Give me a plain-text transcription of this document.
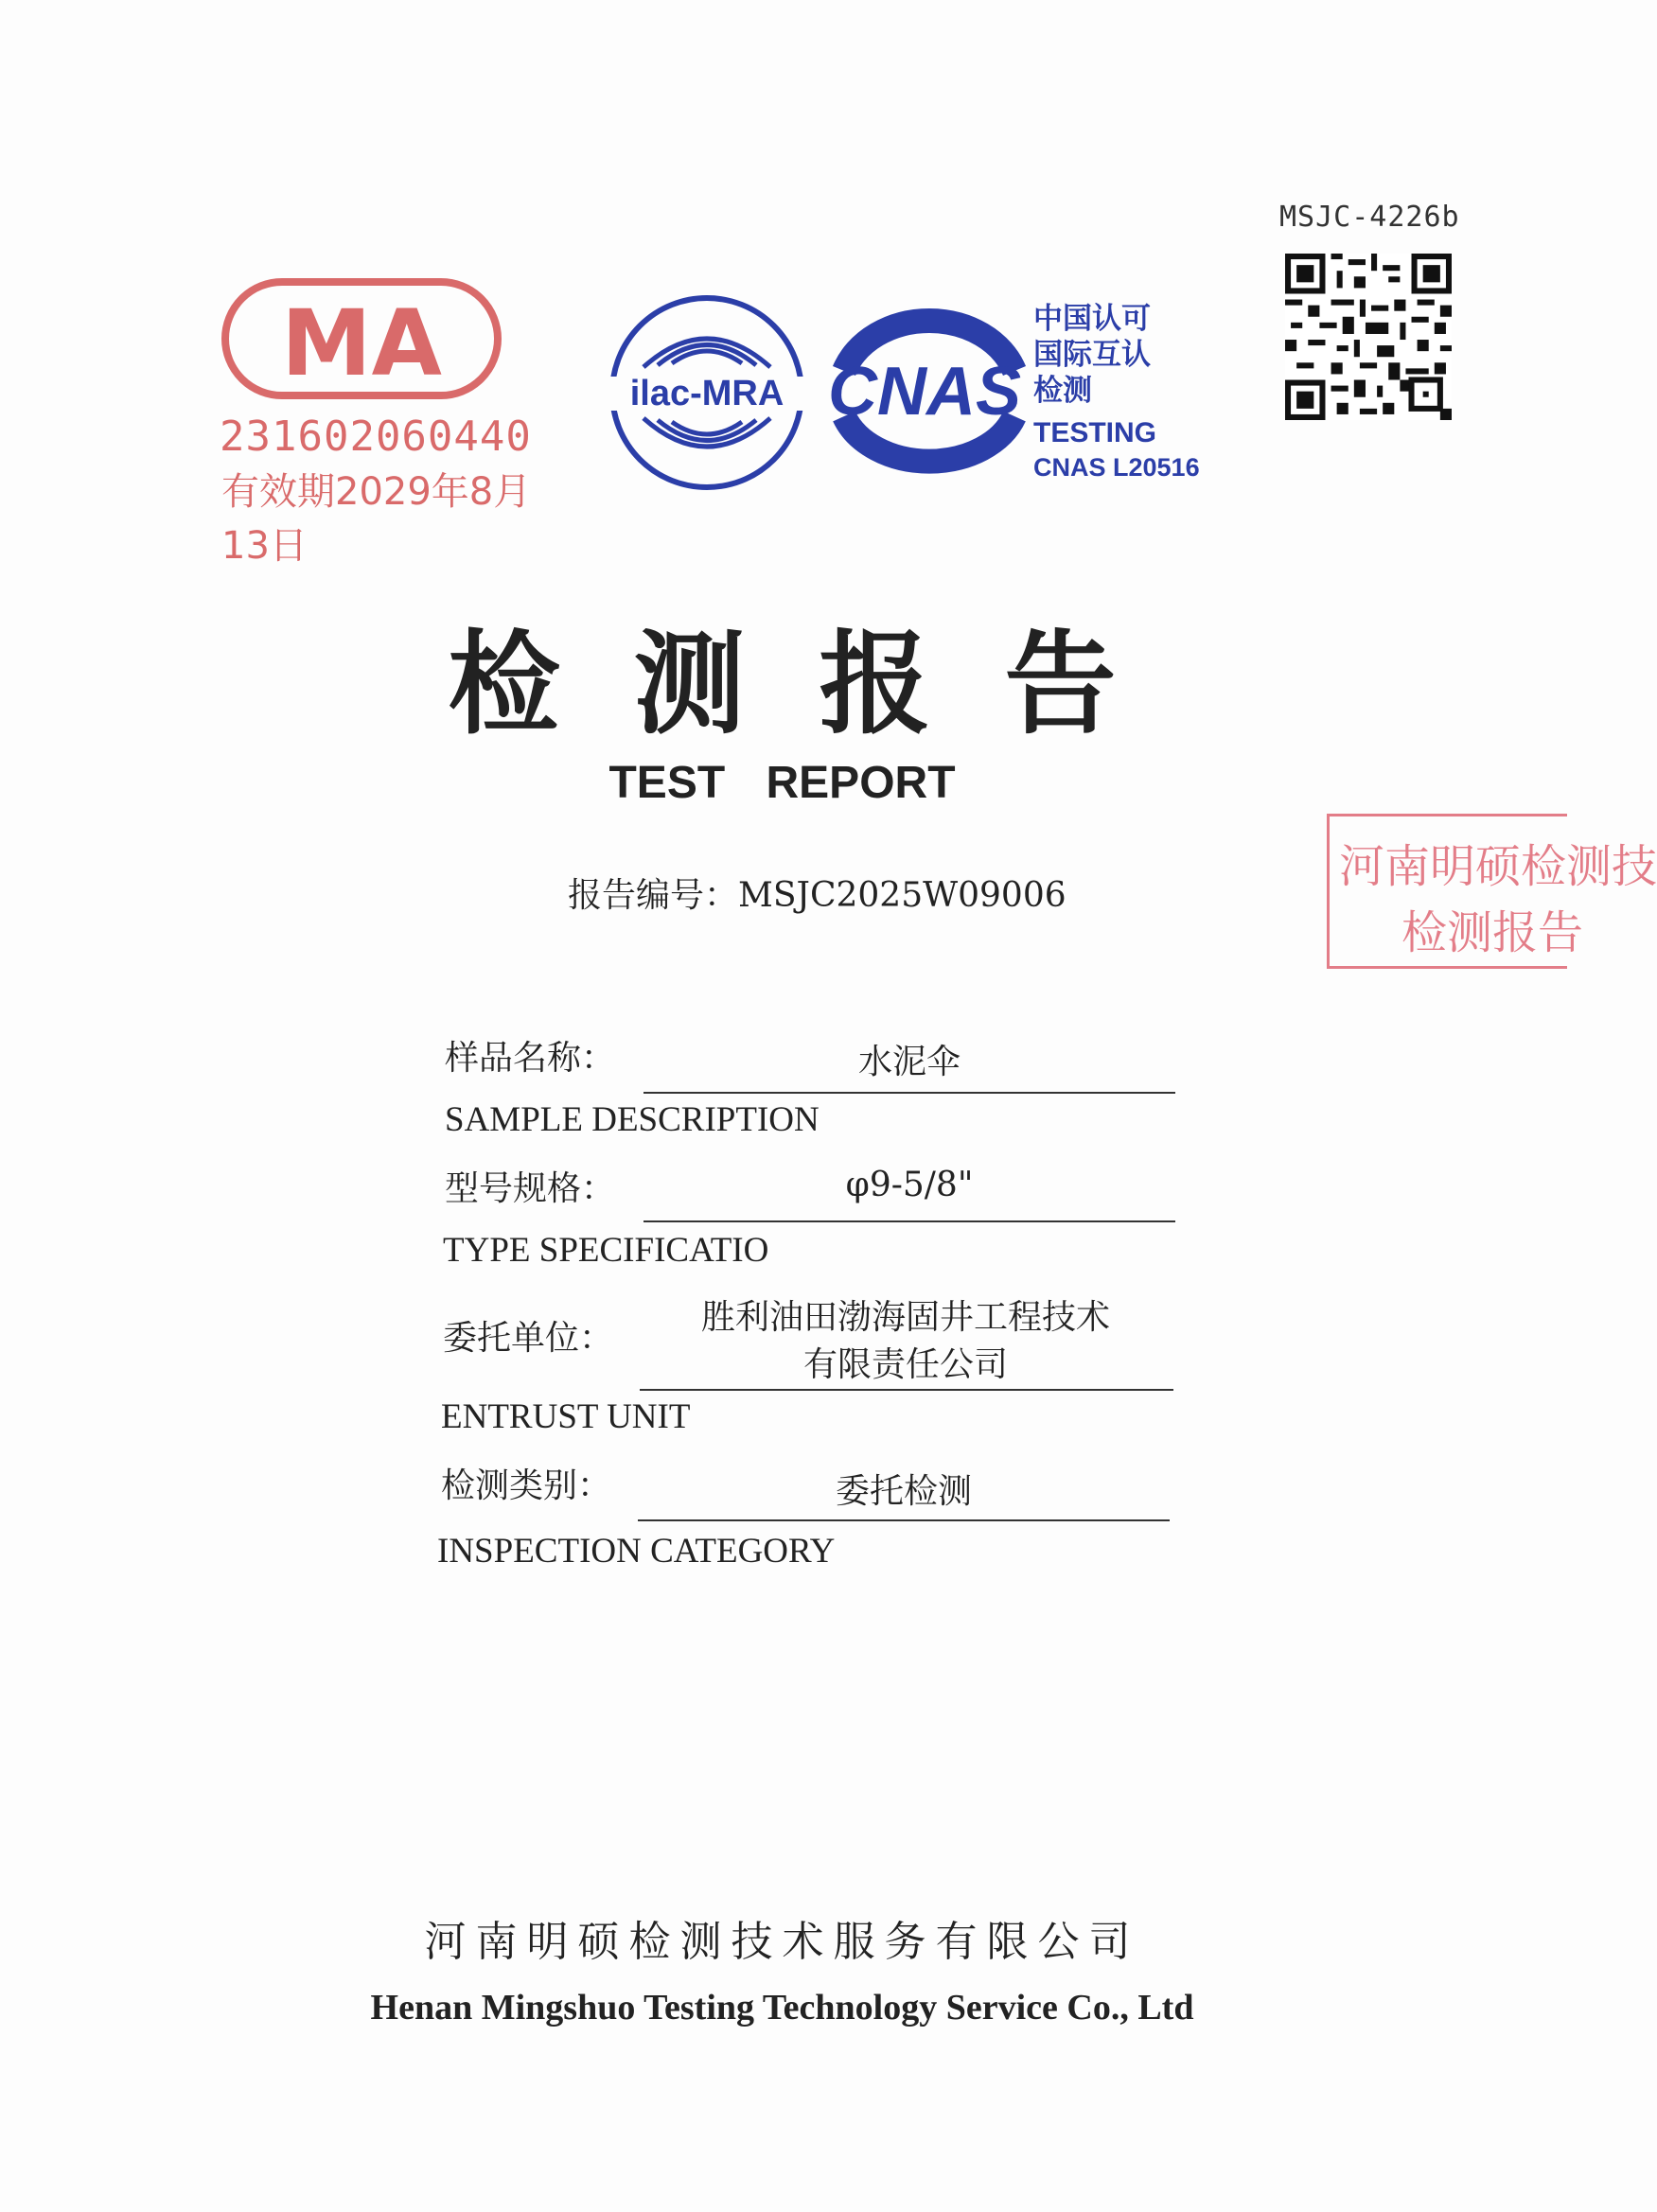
MSJC-4226b
MA
231602060440
有效期2029年8月13日
ilac-MRA CNAS
中国认可
国际互认
检测
TESTING
CNAS L20516
检测报告
TEST REPORT
报告编号：MSJC2025W09006
河南明硕检测技
检测报告
样品名称：	水泥伞
SAMPLE DESCRIPTION
型号规格：	φ9-5/8"
TYPE SPECIFICATIO
委托单位：
胜利油田渤海固井工程技术
有限责任公司
ENTRUST UNIT
检测类别：	委托检测
INSPECTION CATEGORY
河南明硕检测技术服务有限公司
Henan Mingshuo Testing Technology Service Co., Ltd
